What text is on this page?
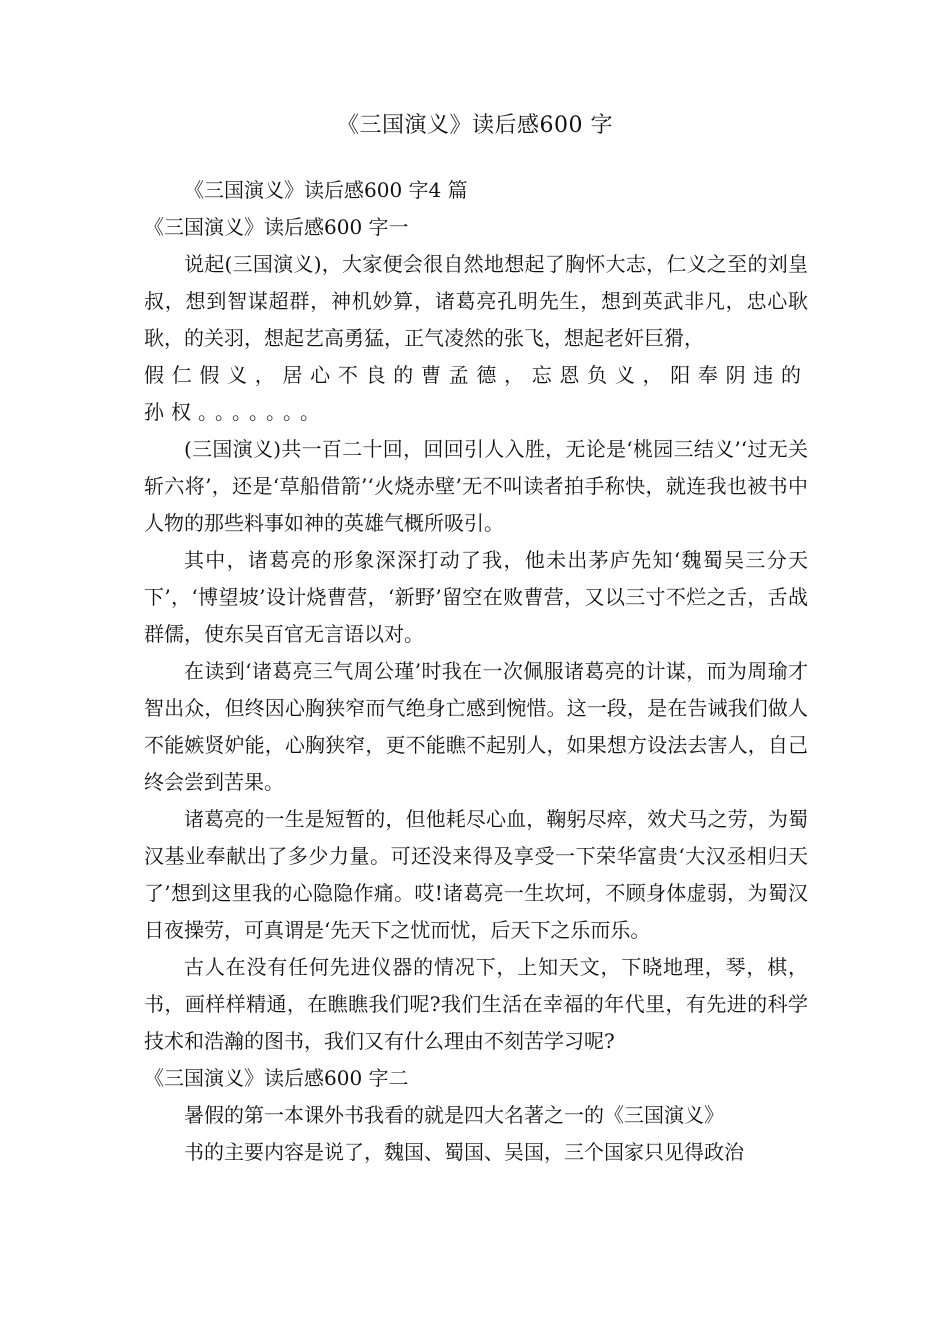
《三国演义》读后感600 字

《三国演义》读后感600 字4 篇

《三国演义》读后感600 字一

说起(三国演义)，大家便会很自然地想起了胸怀大志，仁义之至的刘皇叔，想到智谋超群，神机妙算，诸葛亮孔明先生，想到英武非凡，忠心耿耿，的关羽，想起艺高勇猛，正气凌然的张飞，想起老奸巨猾，

假仁假义，居心不良的曹孟德，忘恩负义，阳奉阴违的孙权。。。。。。。

(三国演义)共一百二十回，回回引人入胜，无论是‘桃园三结义’‘过无关斩六将’，还是‘草船借箭’‘火烧赤壁’无不叫读者拍手称快，就连我也被书中人物的那些料事如神的英雄气概所吸引。

其中，诸葛亮的形象深深打动了我，他未出茅庐先知‘魏蜀吴三分天下’，‘博望坡’设计烧曹营，‘新野’留空在败曹营，又以三寸不烂之舌，舌战群儒，使东吴百官无言语以对。

在读到‘诸葛亮三气周公瑾’时我在一次佩服诸葛亮的计谋，而为周瑜才智出众，但终因心胸狭窄而气绝身亡感到惋惜。这一段，是在告诫我们做人不能嫉贤妒能，心胸狭窄，更不能瞧不起别人，如果想方设法去害人，自己终会尝到苦果。

诸葛亮的一生是短暂的，但他耗尽心血，鞠躬尽瘁，效犬马之劳，为蜀汉基业奉献出了多少力量。可还没来得及享受一下荣华富贵‘大汉丞相归天了’想到这里我的心隐隐作痛。哎!诸葛亮一生坎坷，不顾身体虚弱，为蜀汉日夜操劳，可真谓是‘先天下之忧而忧，后天下之乐而乐。

古人在没有任何先进仪器的情况下，上知天文，下晓地理，琴，棋，书，画样样精通，在瞧瞧我们呢?我们生活在幸福的年代里，有先进的科学技术和浩瀚的图书，我们又有什么理由不刻苦学习呢?

《三国演义》读后感600 字二

暑假的第一本课外书我看的就是四大名著之一的《三国演义》

书的主要内容是说了，魏国、蜀国、吴国，三个国家只见得政治
